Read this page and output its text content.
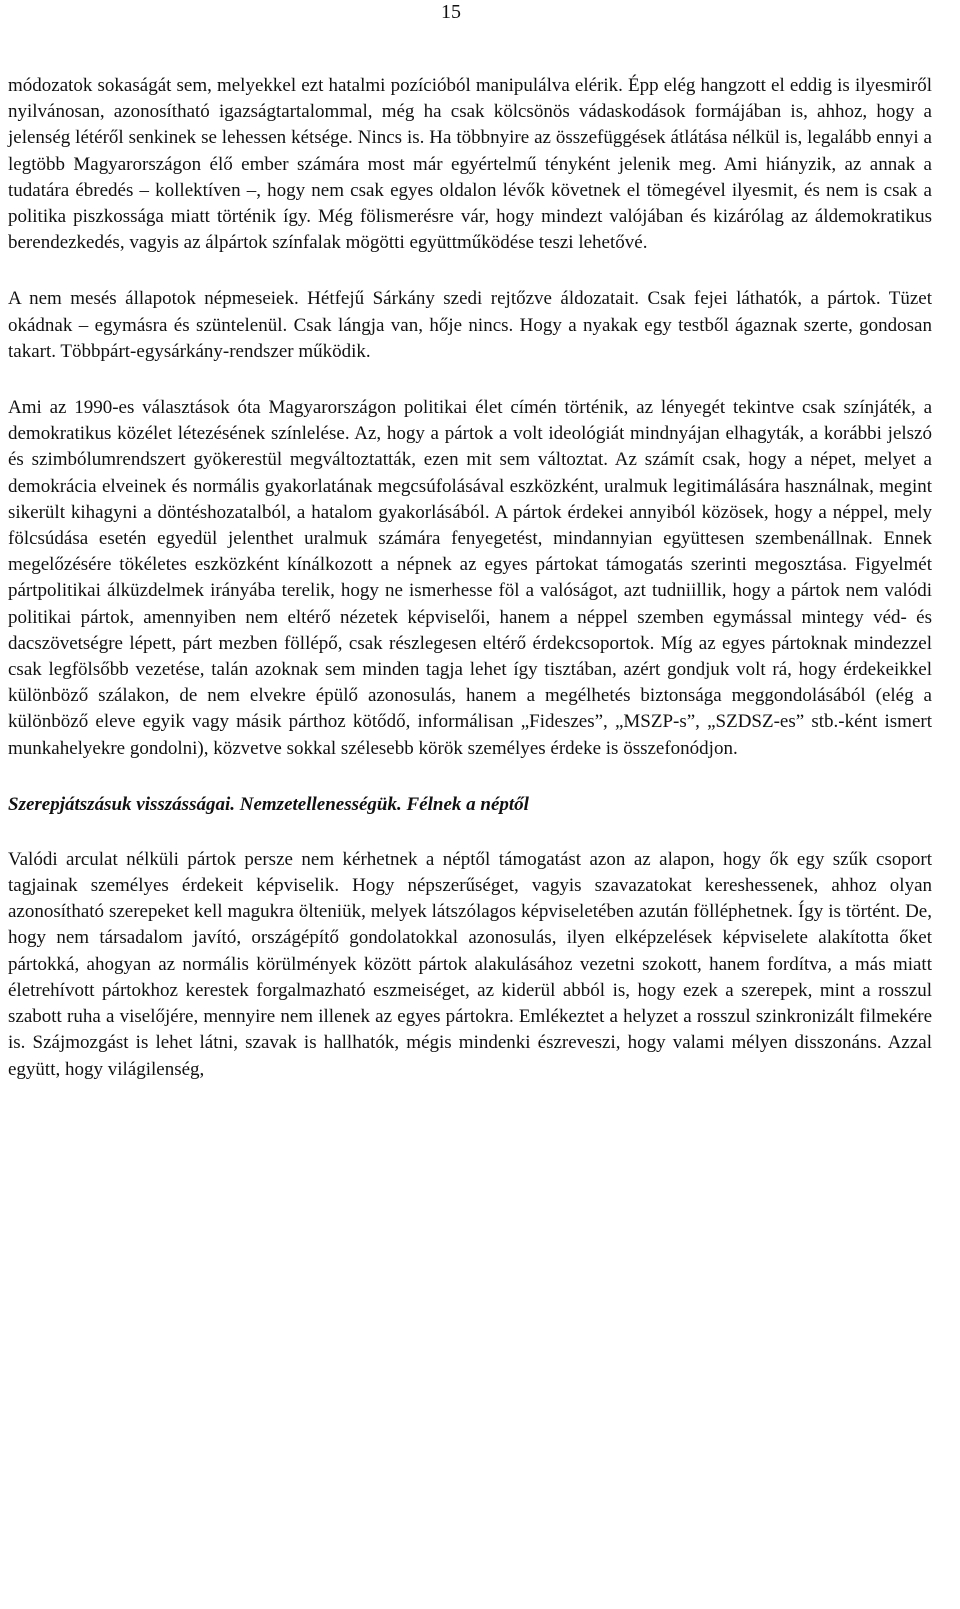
15

módozatok sokaságát sem, melyekkel ezt hatalmi pozícióból manipulálva elérik. Épp elég hangzott el eddig is ilyesmiről nyilvánosan, azonosítható igazságtartalommal, még ha csak kölcsönös vádaskodások formájában is, ahhoz, hogy a jelenség létéről senkinek se lehessen kétsége. Nincs is. Ha többnyire az összefüggések átlátása nélkül is, legalább ennyi a legtöbb Magyarországon élő ember számára most már egyértelmű tényként jelenik meg. Ami hiányzik, az annak a tudatára ébredés – kollektíven –, hogy nem csak egyes oldalon lévők követnek el tömegével ilyesmit, és nem is csak a politika piszkossága miatt történik így. Még fölismerésre vár, hogy mindezt valójában és kizárólag az áldemokratikus berendezkedés, vagyis az álpártok színfalak mögötti együttműködése teszi lehetővé.

A nem mesés állapotok népmeseiek. Hétfejű Sárkány szedi rejtőzve áldozatait. Csak fejei láthatók, a pártok. Tüzet okádnak – egymásra és szüntelenül. Csak lángja van, hője nincs. Hogy a nyakak egy testből ágaznak szerte, gondosan takart. Többpárt-egysárkány-rendszer működik.

Ami az 1990-es választások óta Magyarországon politikai élet címén történik, az lényegét tekintve csak színjáték, a demokratikus közélet létezésének színlelése. Az, hogy a pártok a volt ideológiát mindnyájan elhagyták, a korábbi jelszó és szimbólumrendszert gyökerestül megváltoztatták, ezen mit sem változtat. Az számít csak, hogy a népet, melyet a demokrácia elveinek és normális gyakorlatának megcsúfolásával eszközként, uralmuk legitimálására használnak, megint sikerült kihagyni a döntéshozatalból, a hatalom gyakorlásából. A pártok érdekei annyiból közösek, hogy a néppel, mely fölcsúdása esetén egyedül jelenthet uralmuk számára fenyegetést, mindannyian együttesen szembenállnak. Ennek megelőzésére tökéletes eszközként kínálkozott a népnek az egyes pártokat támogatás szerinti megosztása. Figyelmét pártpolitikai álküzdelmek irányába terelik, hogy ne ismerhesse föl a valóságot, azt tudniillik, hogy a pártok nem valódi politikai pártok, amennyiben nem eltérő nézetek képviselői, hanem a néppel szemben egymással mintegy véd- és dacszövetségre lépett, párt mezben föllépő, csak részlegesen eltérő érdekcsoportok. Míg az egyes pártoknak mindezzel csak legfölsőbb vezetése, talán azoknak sem minden tagja lehet így tisztában, azért gondjuk volt rá, hogy érdekeikkel különböző szálakon, de nem elvekre épülő azonosulás, hanem a megélhetés biztonsága meggondolásából (elég a különböző eleve egyik vagy másik párthoz kötődő, informálisan „Fideszes”, „MSZP-s”, „SZDSZ-es” stb.-ként ismert munkahelyekre gondolni), közvetve sokkal szélesebb körök személyes érdeke is összefonódjon.

Szerepjátszásuk visszásságai. Nemzetellenességük. Félnek a néptől

Valódi arculat nélküli pártok persze nem kérhetnek a néptől támogatást azon az alapon, hogy ők egy szűk csoport tagjainak személyes érdekeit képviselik. Hogy népszerűséget, vagyis szavazatokat kereshessenek, ahhoz olyan azonosítható szerepeket kell magukra ölteniük, melyek látszólagos képviseletében azután fölléphetnek. Így is történt. De, hogy nem társadalom javító, országépítő gondolatokkal azonosulás, ilyen elképzelések képviselete alakította őket pártokká, ahogyan az normális körülmények között pártok alakulásához vezetni szokott, hanem fordítva, a más miatt életrehívott pártokhoz kerestek forgalmazható eszmeiséget, az kiderül abból is, hogy ezek a szerepek, mint a rosszul szabott ruha a viselőjére, mennyire nem illenek az egyes pártokra. Emlékeztet a helyzet a rosszul szinkronizált filmekére is. Szájmozgást is lehet látni, szavak is hallhatók, mégis mindenki észreveszi, hogy valami mélyen disszonáns. Azzal együtt, hogy világilenség,
